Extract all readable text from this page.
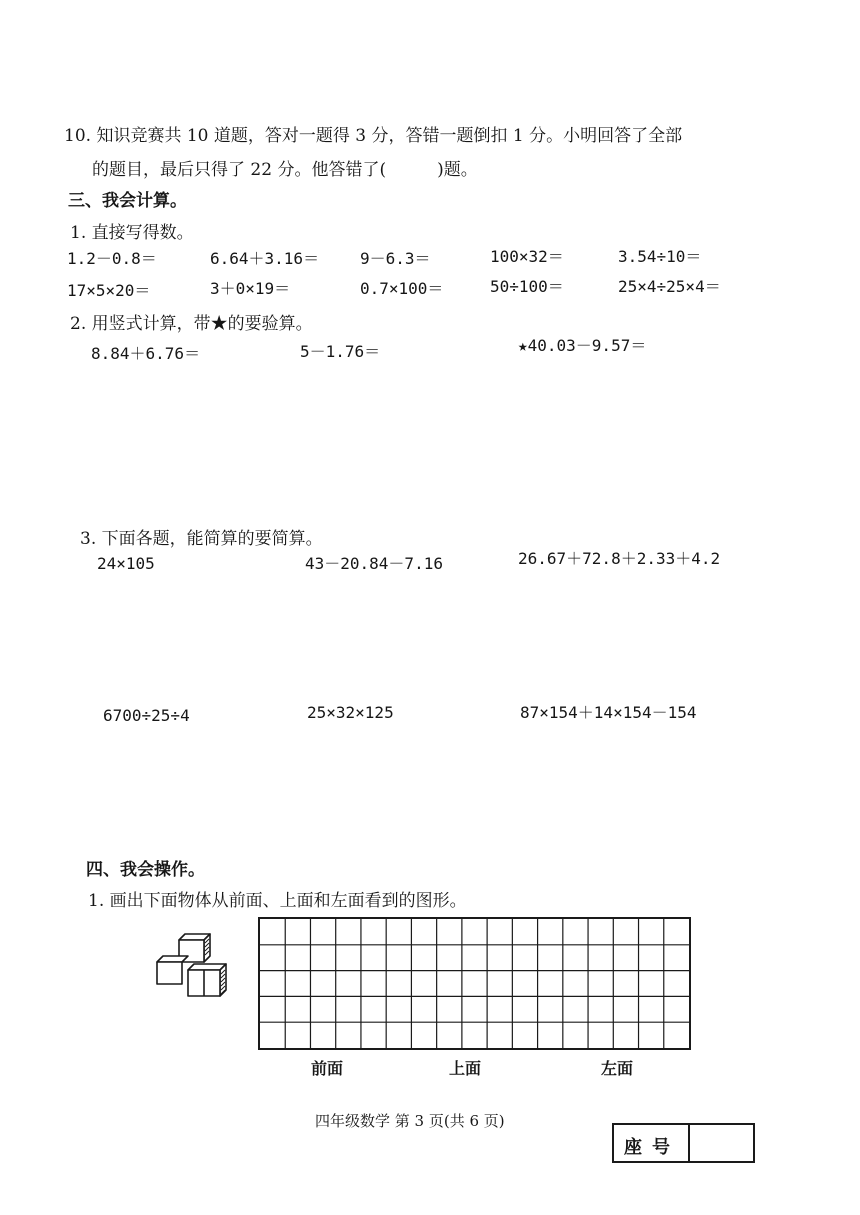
10. 知识竞赛共 10 道题，答对一题得 3 分，答错一题倒扣 1 分。小明回答了全部
的题目，最后只得了 22 分。他答错了(　　　)题。
三、我会计算。
1. 直接写得数。
1.2－0.8＝	6.64＋3.16＝	9－6.3＝	100×32＝	3.54÷10＝
17×5×20＝	3＋0×19＝	0.7×100＝	50÷100＝	25×4÷25×4＝
2. 用竖式计算，带★的要验算。
8.84＋6.76＝	5－1.76＝	★40.03－9.57＝
3. 下面各题，能简算的要简算。
24×105	43－20.84－7.16	26.67＋72.8＋2.33＋4.2
6700÷25÷4	25×32×125	87×154＋14×154－154
四、我会操作。
1. 画出下面物体从前面、上面和左面看到的图形。
前面	上面	左面
四年级数学 第 3 页(共 6 页)
座号
